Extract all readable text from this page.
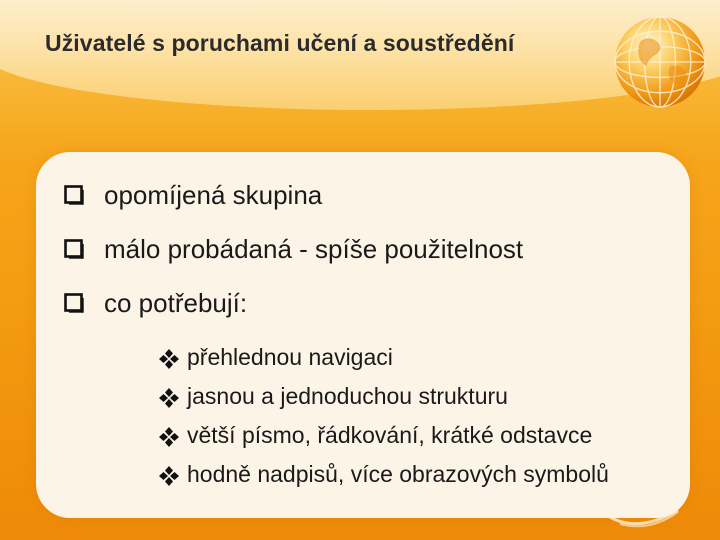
Uživatelé s poruchami učení a soustředění
opomíjená skupina
málo probádaná - spíše použitelnost
co potřebují:
přehlednou navigaci
jasnou a jednoduchou strukturu
větší písmo, řádkování, krátké odstavce
hodně nadpisů, více obrazových symbolů
